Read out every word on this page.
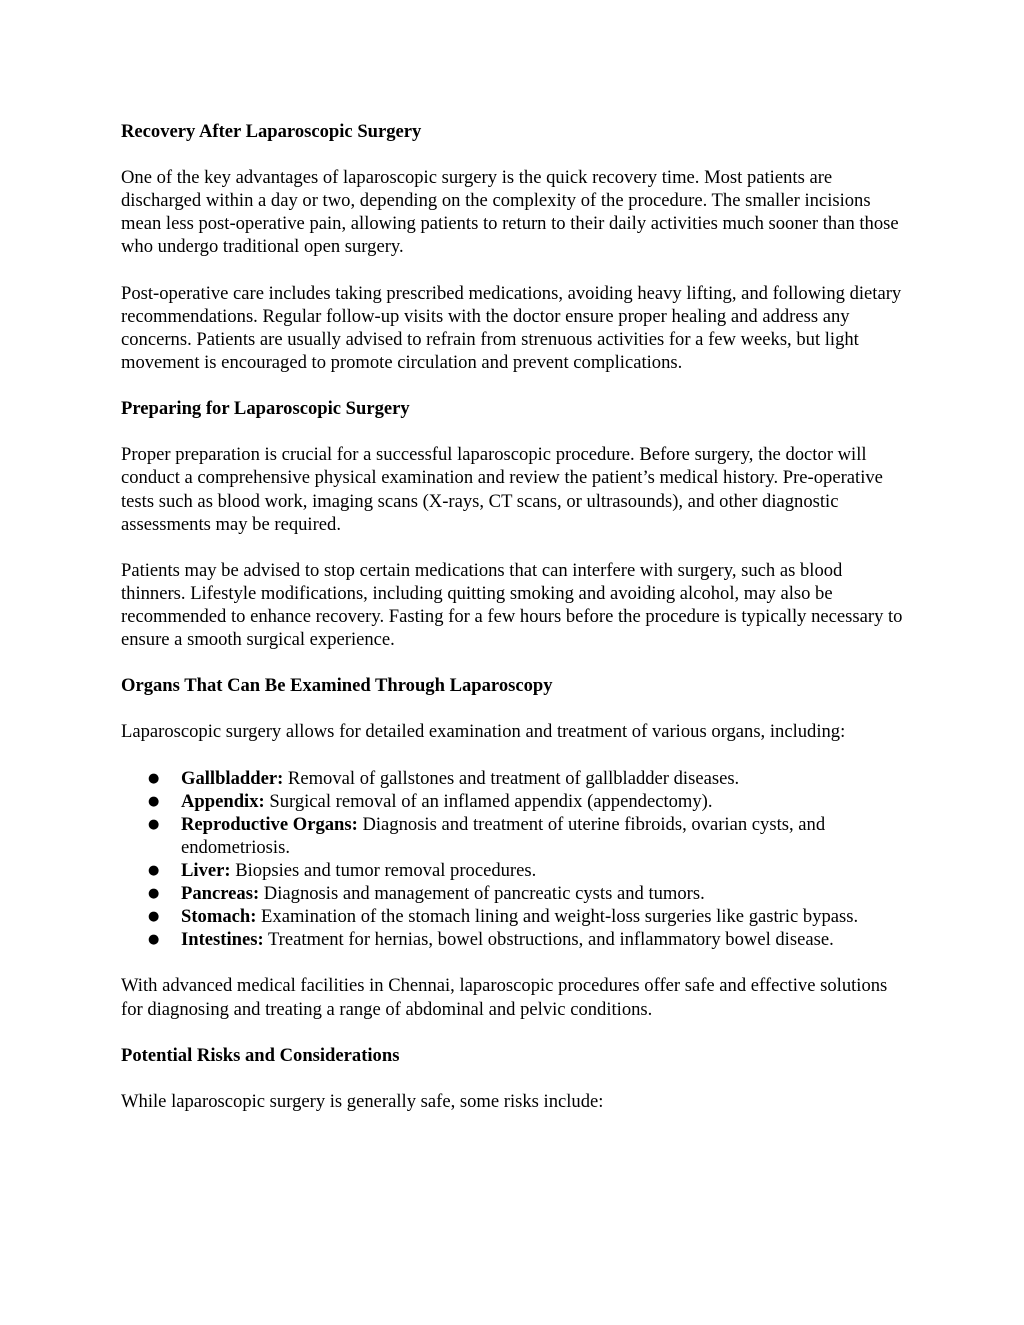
Recovery After Laparoscopic Surgery

One of the key advantages of laparoscopic surgery is the quick recovery time. Most patients are discharged within a day or two, depending on the complexity of the procedure. The smaller incisions mean less post-operative pain, allowing patients to return to their daily activities much sooner than those who undergo traditional open surgery.

Post-operative care includes taking prescribed medications, avoiding heavy lifting, and following dietary recommendations. Regular follow-up visits with the doctor ensure proper healing and address any concerns. Patients are usually advised to refrain from strenuous activities for a few weeks, but light movement is encouraged to promote circulation and prevent complications.

Preparing for Laparoscopic Surgery

Proper preparation is crucial for a successful laparoscopic procedure. Before surgery, the doctor will conduct a comprehensive physical examination and review the patient’s medical history. Pre-operative tests such as blood work, imaging scans (X-rays, CT scans, or ultrasounds), and other diagnostic assessments may be required.

Patients may be advised to stop certain medications that can interfere with surgery, such as blood thinners. Lifestyle modifications, including quitting smoking and avoiding alcohol, may also be recommended to enhance recovery. Fasting for a few hours before the procedure is typically necessary to ensure a smooth surgical experience.

Organs That Can Be Examined Through Laparoscopy

Laparoscopic surgery allows for detailed examination and treatment of various organs, including:

● Gallbladder: Removal of gallstones and treatment of gallbladder diseases.
● Appendix: Surgical removal of an inflamed appendix (appendectomy).
● Reproductive Organs: Diagnosis and treatment of uterine fibroids, ovarian cysts, and endometriosis.
● Liver: Biopsies and tumor removal procedures.
● Pancreas: Diagnosis and management of pancreatic cysts and tumors.
● Stomach: Examination of the stomach lining and weight-loss surgeries like gastric bypass.
● Intestines: Treatment for hernias, bowel obstructions, and inflammatory bowel disease.

With advanced medical facilities in Chennai, laparoscopic procedures offer safe and effective solutions for diagnosing and treating a range of abdominal and pelvic conditions.

Potential Risks and Considerations

While laparoscopic surgery is generally safe, some risks include:
